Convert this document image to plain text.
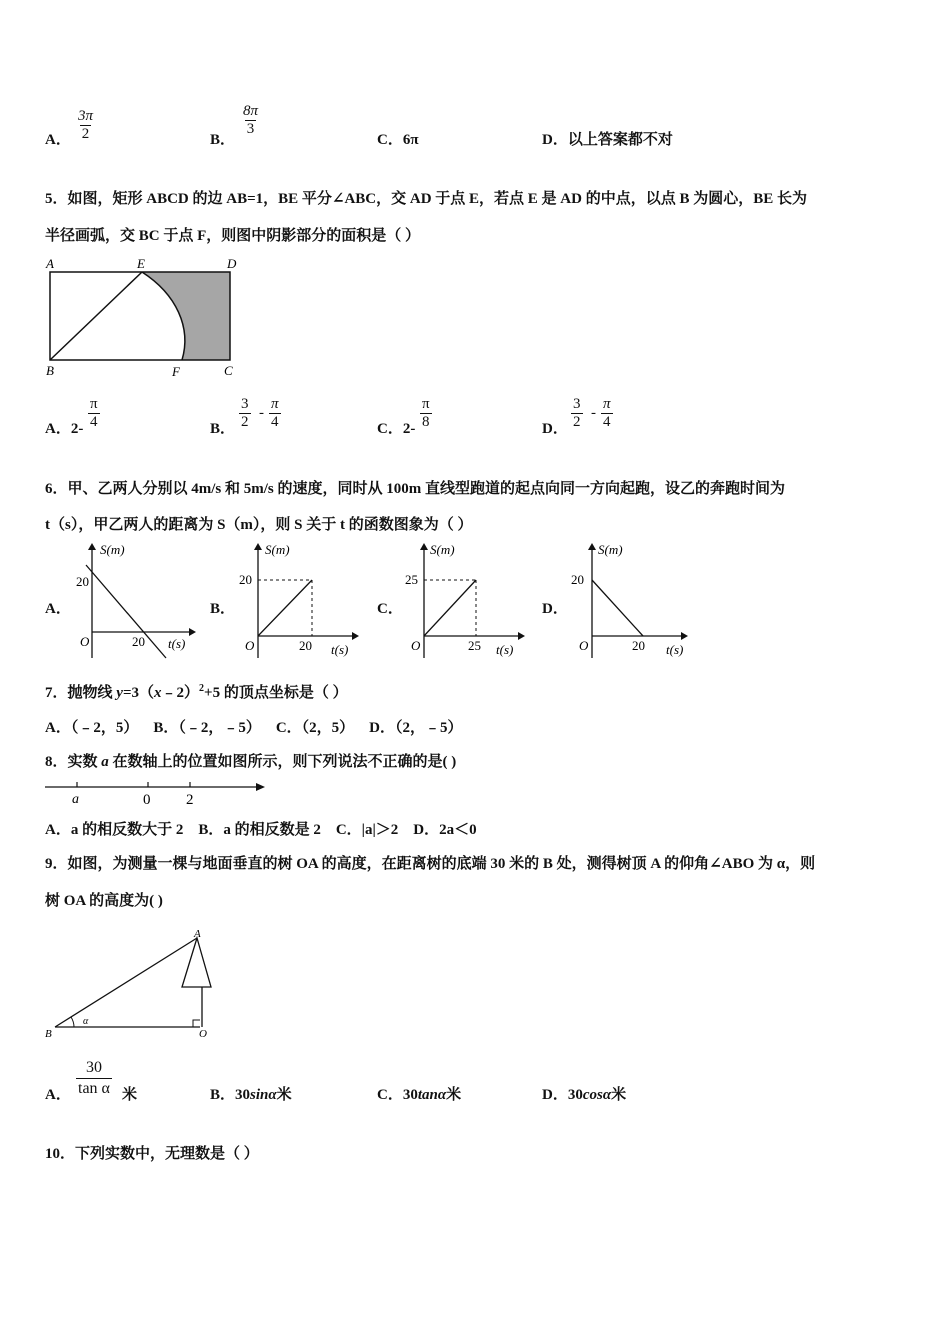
A． $\frac{3\pi}{2}$	B．
$\frac{8\pi}{3}$
C．6π	D．以上答案都不对
5．如图，矩形 ABCD 的边 AB=1，BE 平分∠ABC，交 AD 于点 E，若点 E 是 AD 的中点，以点 B 为圆心，BE 长为
半径画弧，交 BC 于点 F，则图中阴影部分的面积是（ ）
A	E	D
B	F	C
A．$2- \frac{\pi}{4}$	B． $\frac{3}{2} - \frac{\pi}{4}$	C．$2- \frac{\pi}{8}$	D． $\frac{3}{2} - \frac{\pi}{4}$
6．甲、乙两人分别以 4m/s 和 5m/s 的速度，同时从 100m 直线型跑道的起点向同一方向起跑，设乙的奔跑时间为
t（s），甲乙两人的距离为 S（m），则 S 关于 t 的函数图象为（ ）
A．
S(m)
20
O	20 t(s)
B．
S(m)
20
O	20 t(s)
C．
S(m)
25
O	25 t(s)
D．
S(m)
20
O	20 t(s)
7．抛物线 y=3（x﹣2）$^2$+5 的顶点坐标是（ ）
A．（﹣2，5）    B．（﹣2，﹣5）    C．（2，5）    D．（2，﹣5）
8．实数 a 在数轴上的位置如图所示，则下列说法不正确的是( )
a	0 2
A．a 的相反数大于 2    B．a 的相反数是 2    C．|a|＞2    D．2a＜0
9．如图，为测量一棵与地面垂直的树 OA 的高度，在距离树的底端 30 米的 B 处，测得树顶 A 的仰角∠ABO 为 α，则
树 OA 的高度为( )
A
B	O
α
A． $\frac{30}{\text{tan α}}$ 米	B．30sinα米	C．30tanα米	D．30cosα米
10．下列实数中，无理数是（ ）
